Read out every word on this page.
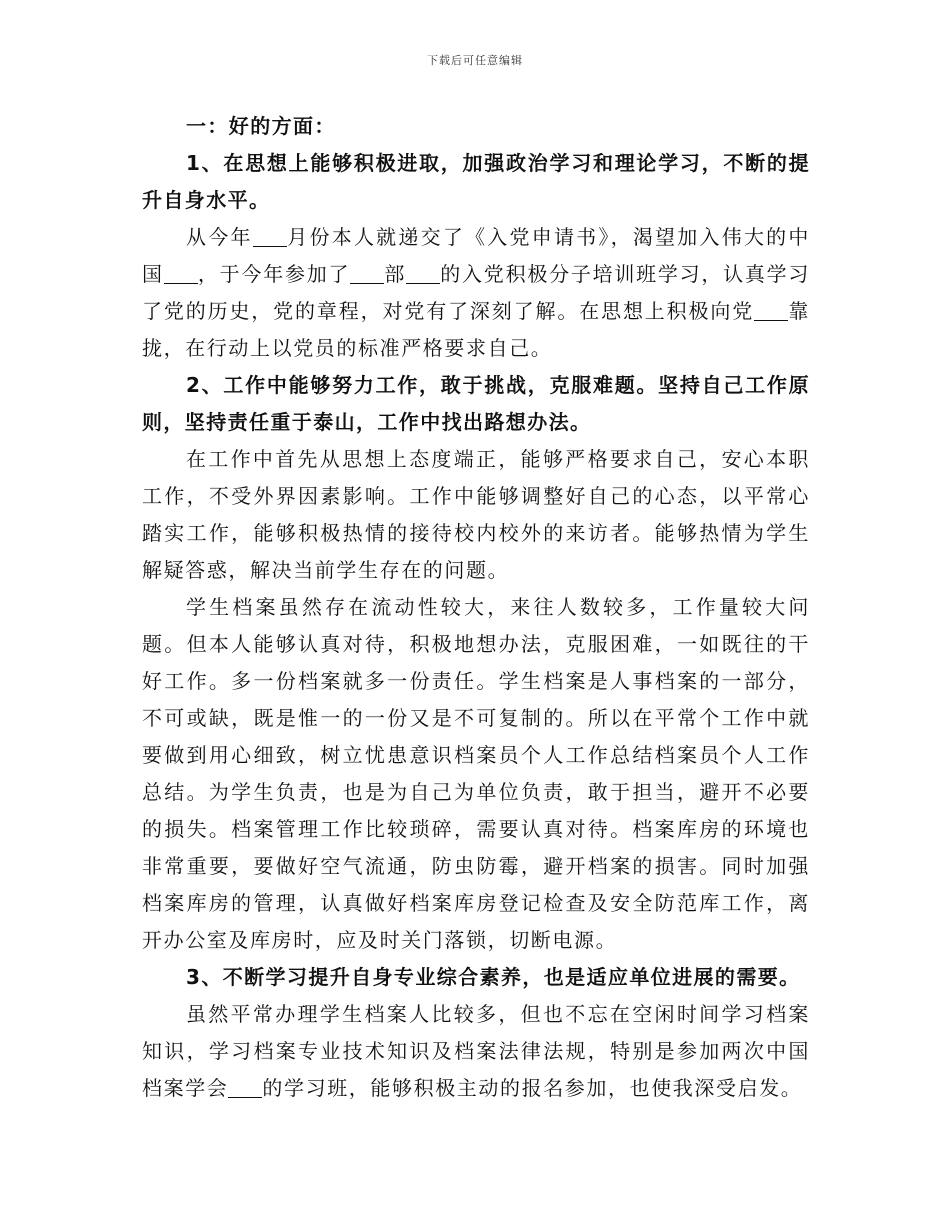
下载后可任意编辑

一：好的方面：

1、在思想上能够积极进取，加强政治学习和理论学习，不断的提升自身水平。

从今年 月份本人就递交了《入党申请书》，渴望加入伟大的中国 ，于今年参加了 部 的入党积极分子培训班学习，认真学习了党的历史，党的章程，对党有了深刻了解。在思想上积极向党 靠拢，在行动上以党员的标准严格要求自己。

2、工作中能够努力工作，敢于挑战，克服难题。坚持自己工作原则，坚持责任重于泰山，工作中找出路想办法。

在工作中首先从思想上态度端正，能够严格要求自己，安心本职工作，不受外界因素影响。工作中能够调整好自己的心态，以平常心踏实工作，能够积极热情的接待校内校外的来访者。能够热情为学生解疑答惑，解决当前学生存在的问题。

学生档案虽然存在流动性较大，来往人数较多，工作量较大问题。但本人能够认真对待，积极地想办法，克服困难，一如既往的干好工作。多一份档案就多一份责任。学生档案是人事档案的一部分，不可或缺，既是惟一的一份又是不可复制的。所以在平常个工作中就要做到用心细致，树立忧患意识档案员个人工作总结档案员个人工作总结。为学生负责，也是为自己为单位负责，敢于担当，避开不必要的损失。档案管理工作比较琐碎，需要认真对待。档案库房的环境也非常重要，要做好空气流通，防虫防霉，避开档案的损害。同时加强档案库房的管理，认真做好档案库房登记检查及安全防范库工作，离开办公室及库房时，应及时关门落锁，切断电源。

3、不断学习提升自身专业综合素养，也是适应单位进展的需要。

虽然平常办理学生档案人比较多，但也不忘在空闲时间学习档案知识，学习档案专业技术知识及档案法律法规，特别是参加两次中国档案学会 的学习班，能够积极主动的报名参加，也使我深受启发。
